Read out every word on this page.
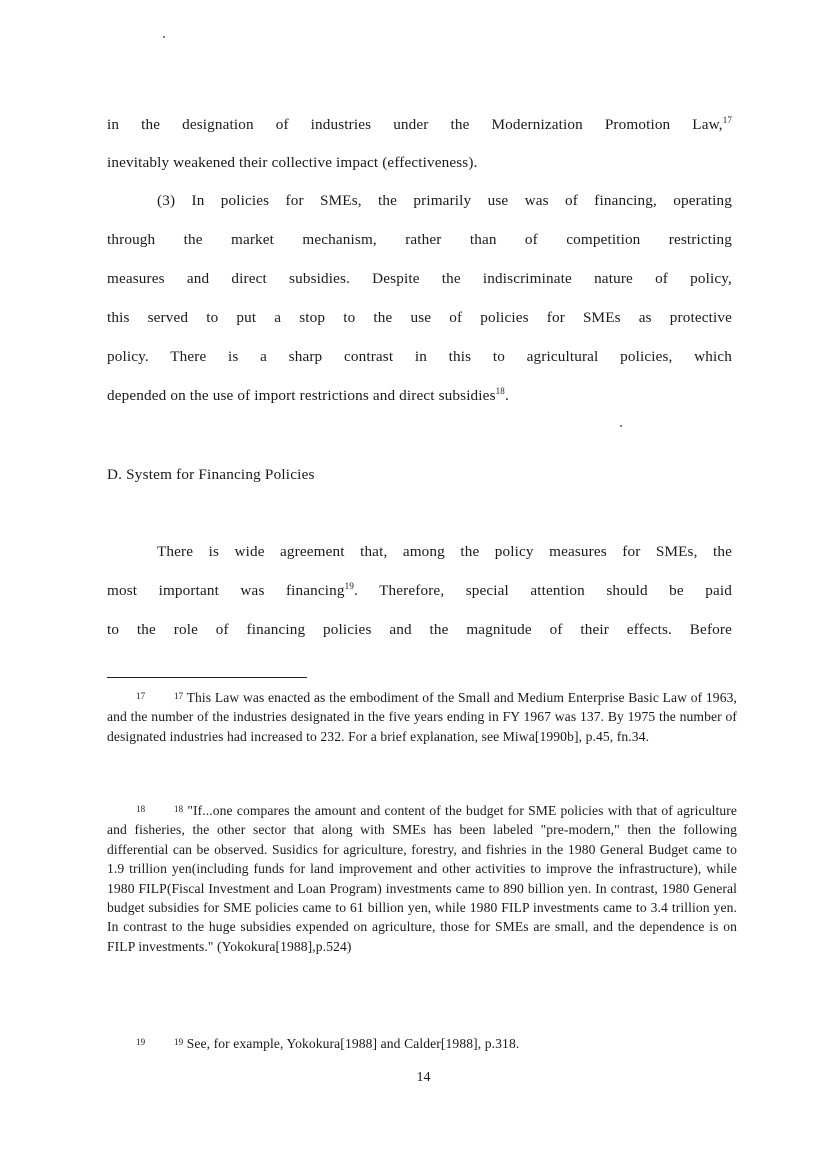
in the designation of industries under the Modernization Promotion Law,$^{17}$
inevitably weakened their collective impact (effectiveness).
(3) In policies for SMEs, the primarily use was of financing, operating
through the market mechanism, rather than of competition restricting
measures and direct subsidies. Despite the indiscriminate nature of policy,
this served to put a stop to the use of policies for SMEs as protective
policy. There is a sharp contrast in this to agricultural policies, which
depended on the use of import restrictions and direct subsidies$^{18}$.
D. System for Financing Policies
There is wide agreement that, among the policy measures for SMEs, the
most important was financing$^{19}$. Therefore, special attention should be paid
to the role of financing policies and the magnitude of their effects. Before
17	$^{17}$ This Law was enacted as the embodiment of the Small and Medium Enterprise Basic Law of 1963, and the number of the industries designated in the five years ending in FY 1967 was 137. By 1975 the number of designated industries had increased to 232. For a brief explanation, see Miwa[1990b], p.45, fn.34.
18	$^{18}$ "If...one compares the amount and content of the budget for SME policies with that of agriculture and fisheries, the other sector that along with SMEs has been labeled "pre-modern," then the following differential can be observed. Susidics for agriculture, forestry, and fishries in the 1980 General Budget came to 1.9 trillion yen(including funds for land improvement and other activities to improve the infrastructure), while 1980 FILP(Fiscal Investment and Loan Program) investments came to 890 billion yen. In contrast, 1980 General budget subsidies for SME policies came to 61 billion yen, while 1980 FILP investments came to 3.4 trillion yen. In contrast to the huge subsidies expended on agriculture, those for SMEs are small, and the dependence is on FILP investments." (Yokokura[1988],p.524)
19	$^{19}$ See, for example, Yokokura[1988] and Calder[1988], p.318.
14
